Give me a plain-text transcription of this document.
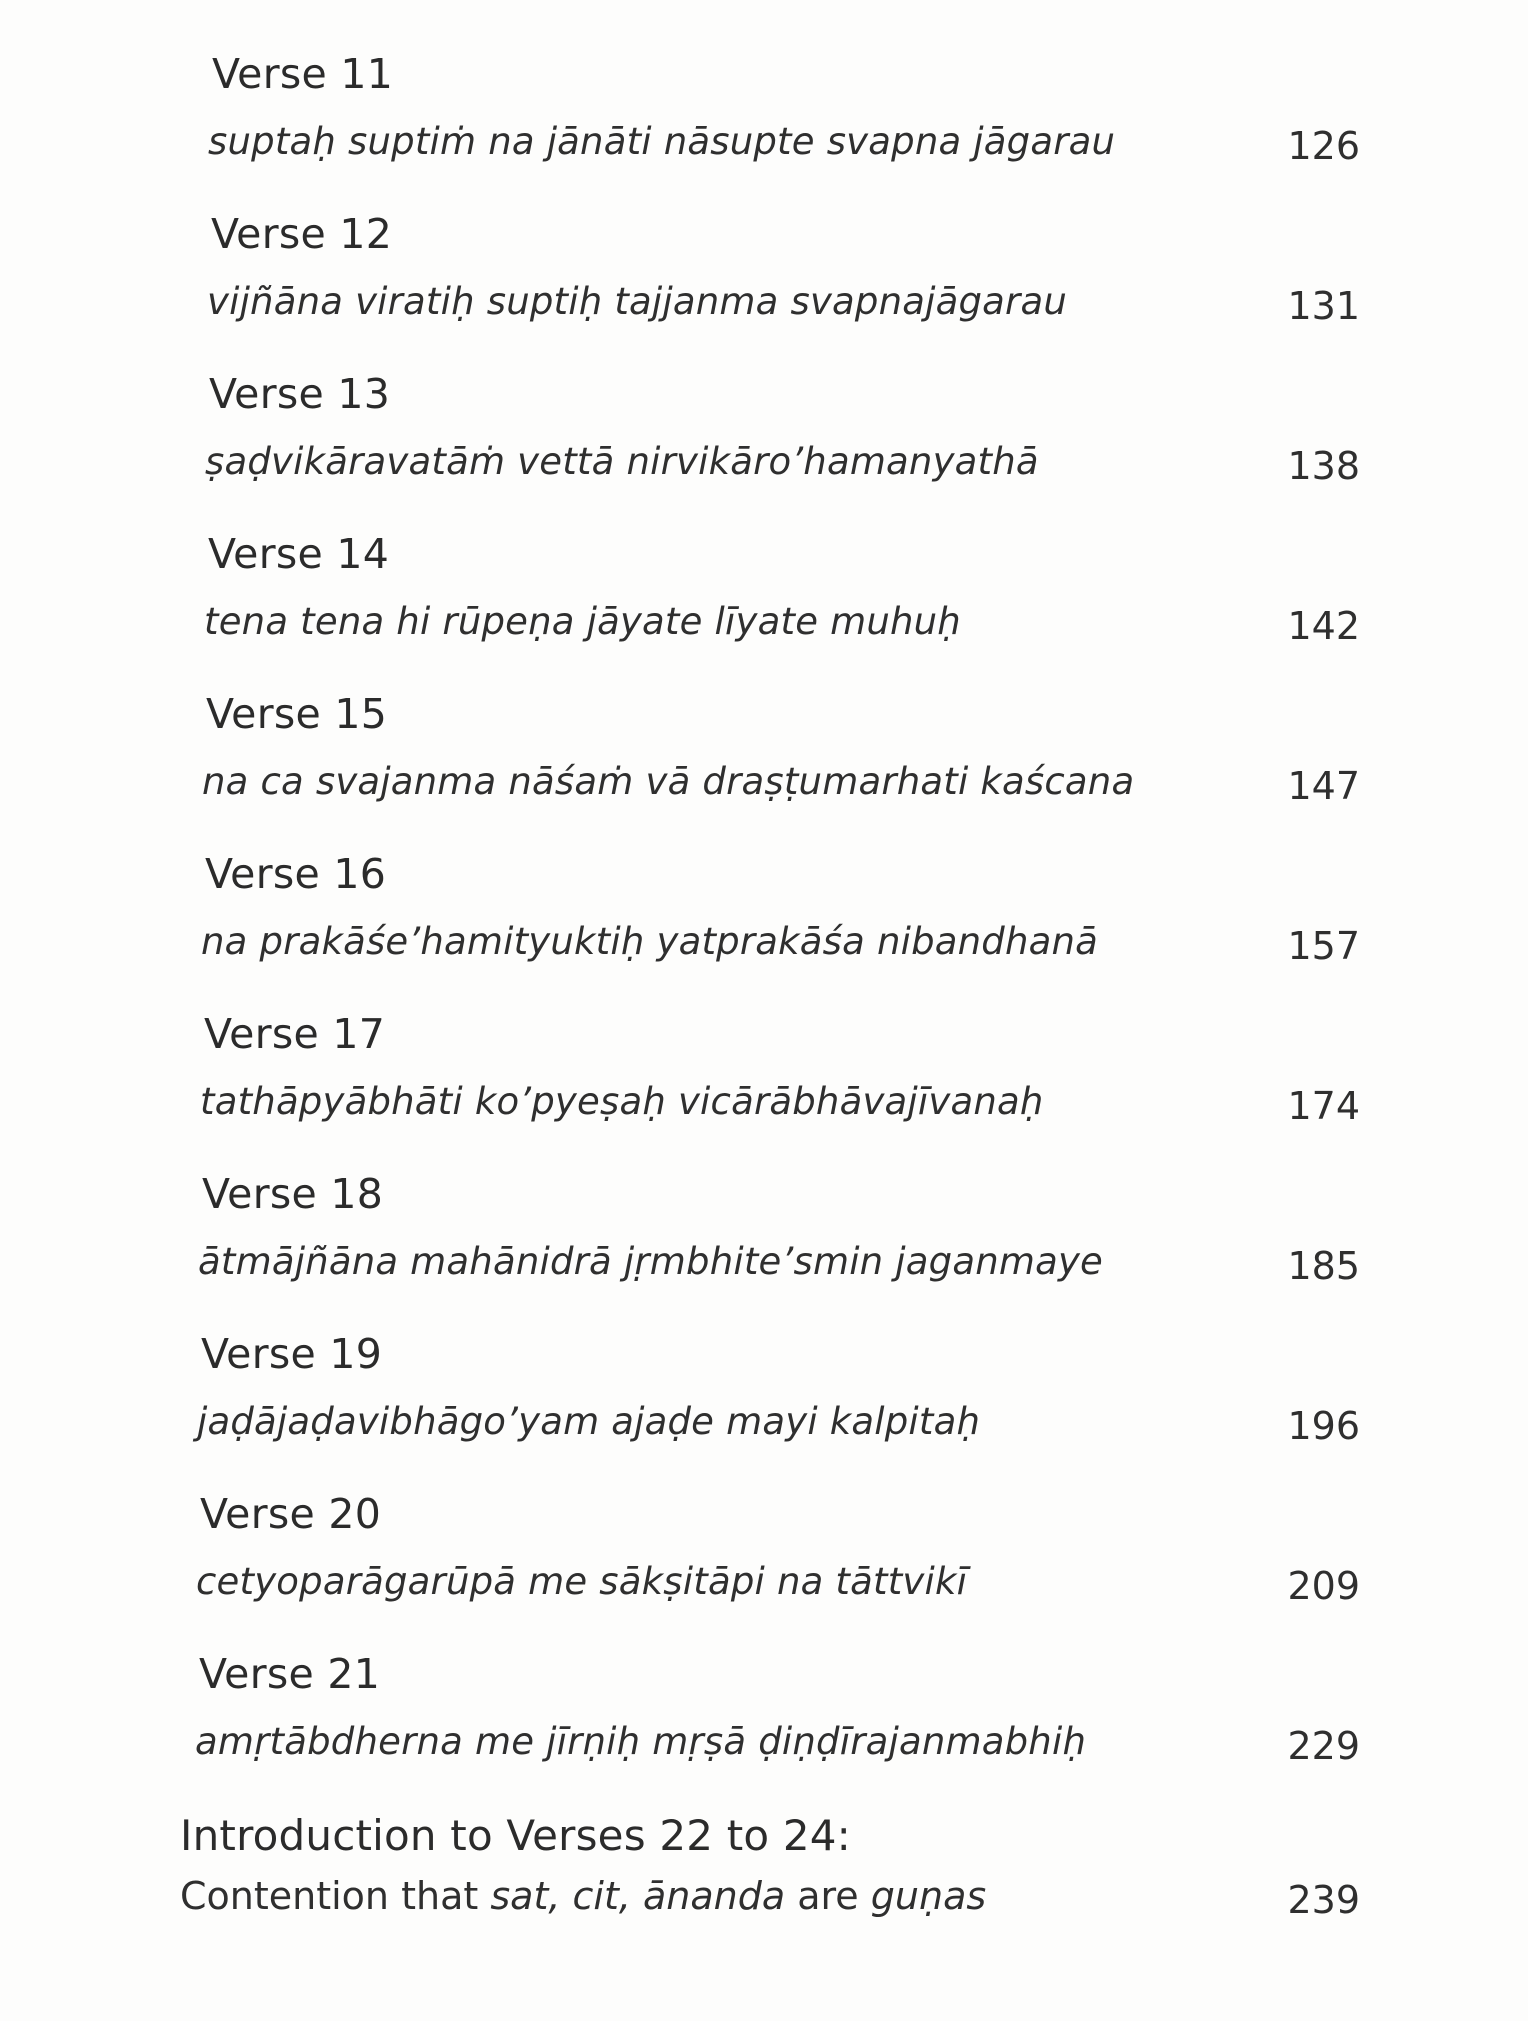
Verse 11
suptaḥ suptiṁ na jānāti nāsupte svapna jāgarau	126
Verse 12
vijñāna viratiḥ suptiḥ tajjanma svapnajāgarau	131
Verse 13
ṣaḍvikāravatāṁ vettā nirvikāro’hamanyathā	138
Verse 14
tena tena hi rūpeṇa jāyate līyate muhuḥ	142
Verse 15
na ca svajanma nāśaṁ vā draṣṭumarhati kaścana	147
Verse 16
na prakāśe’hamityuktiḥ yatprakāśa nibandhanā	157
Verse 17
tathāpyābhāti ko’pyeṣaḥ vicārābhāvajīvanaḥ	174
Verse 18
ātmājñāna mahānidrā jṛmbhite’smin jaganmaye	185
Verse 19
jaḍājaḍavibhāgo’yam ajaḍe mayi kalpitaḥ	196
Verse 20
cetyoparāgarūpā me sākṣitāpi na tāttvikī	209
Verse 21
amṛtābdherna me jīrṇiḥ mṛṣā ḍiṇḍīrajanmabhiḥ	229
Introduction to Verses 22 to 24:
Contention that sat, cit, ānanda are guṇas	239
